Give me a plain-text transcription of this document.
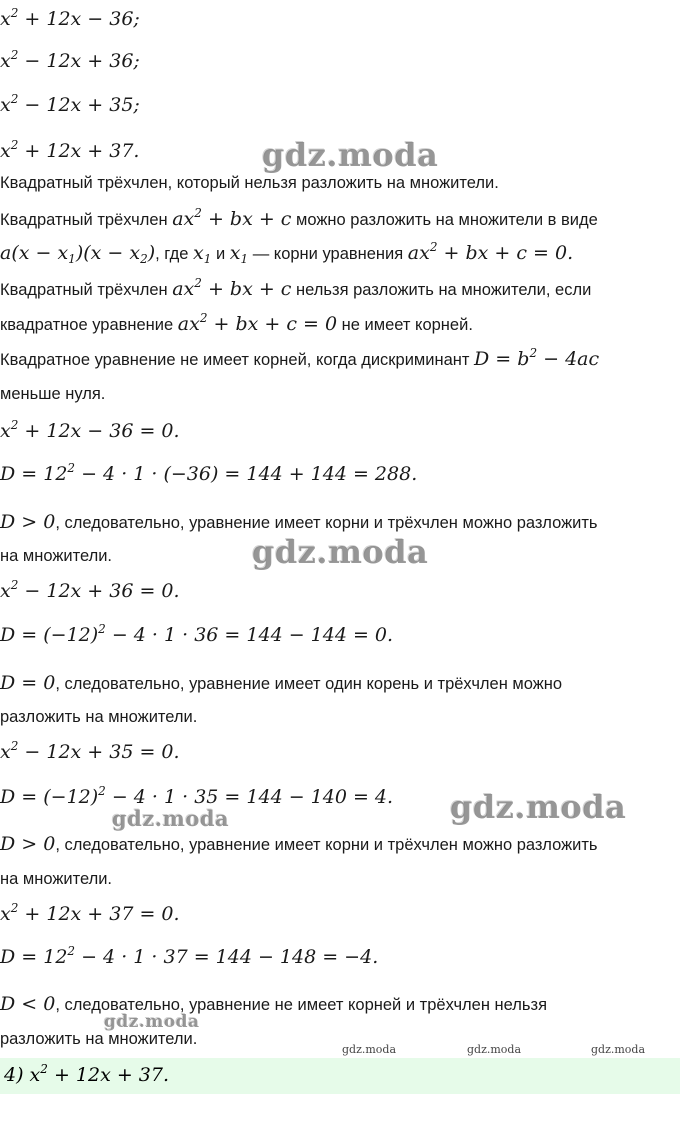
$x^2 + 12x - 36$;
$x^2 - 12x + 36$;
$x^2 - 12x + 35$;
$x^2 + 12x + 37$.
Квадратный трёхчлен, который нельзя разложить на множители.
Квадратный трёхчлен $ax^2$ + bx + c можно разложить на множители в виде
$a(x - x_1)(x - x_2)$, где $x_1$ и $x_1$ — корни уравнения $ax^2$ + bx + c = 0.
Квадратный трёхчлен $ax^2$ + bx + c нельзя разложить на множители, если
квадратное уравнение $ax^2$ + bx + c = 0 не имеет корней.
Квадратное уравнение не имеет корней, когда дискриминант $D = b^2 - 4ac$
меньше нуля.
$x^2 + 12x - 36 = 0$.
$D = 12^2 - 4 \cdot 1 \cdot (-36) = 144 + 144 = 288$.
D > 0, следовательно, уравнение имеет корни и трёхчлен можно разложить
на множители.
$x^2 - 12x + 36 = 0$.
$D = (-12)^2 - 4 \cdot 1 \cdot 36 = 144 - 144 = 0$.
D = 0, следовательно, уравнение имеет один корень и трёхчлен можно
разложить на множители.
$x^2 - 12x + 35 = 0$.
$D = (-12)^2 - 4 \cdot 1 \cdot 35 = 144 - 140 = 4$.
D > 0, следовательно, уравнение имеет корни и трёхчлен можно разложить
на множители.
$x^2 + 12x + 37 = 0$.
$D = 12^2 - 4 \cdot 1 \cdot 37 = 144 - 148 = -4$.
D < 0, следовательно, уравнение не имеет корней и трёхчлен нельзя
разложить на множители.
4) $x^2 + 12x + 37$.
gdz.moda
gdz.moda
gdz.moda
gdz.moda
gdz.moda
gdz.moda	gdz.moda	gdz.moda
